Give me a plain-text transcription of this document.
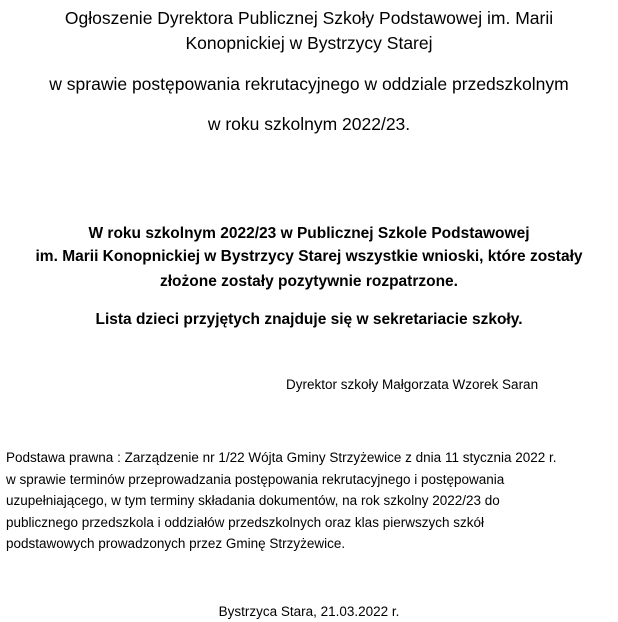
Ogłoszenie Dyrektora Publicznej Szkoły Podstawowej im. Marii
Konopnickiej w Bystrzycy Starej
w sprawie postępowania rekrutacyjnego w oddziale przedszkolnym
w roku szkolnym 2022/23.
W roku szkolnym 2022/23 w Publicznej Szkole Podstawowej
im. Marii Konopnickiej w Bystrzycy Starej wszystkie wnioski, które zostały
złożone zostały pozytywnie rozpatrzone.
Lista dzieci przyjętych znajduje się w sekretariacie szkoły.
Dyrektor szkoły Małgorzata Wzorek Saran
Podstawa prawna : Zarządzenie nr 1/22 Wójta Gminy Strzyżewice z dnia 11 stycznia 2022 r.
w sprawie terminów przeprowadzania postępowania rekrutacyjnego i postępowania
uzupełniającego, w tym terminy składania dokumentów, na rok szkolny 2022/23 do
publicznego przedszkola i oddziałów przedszkolnych oraz klas pierwszych szkół
podstawowych prowadzonych przez Gminę Strzyżewice.
Bystrzyca Stara, 21.03.2022 r.
